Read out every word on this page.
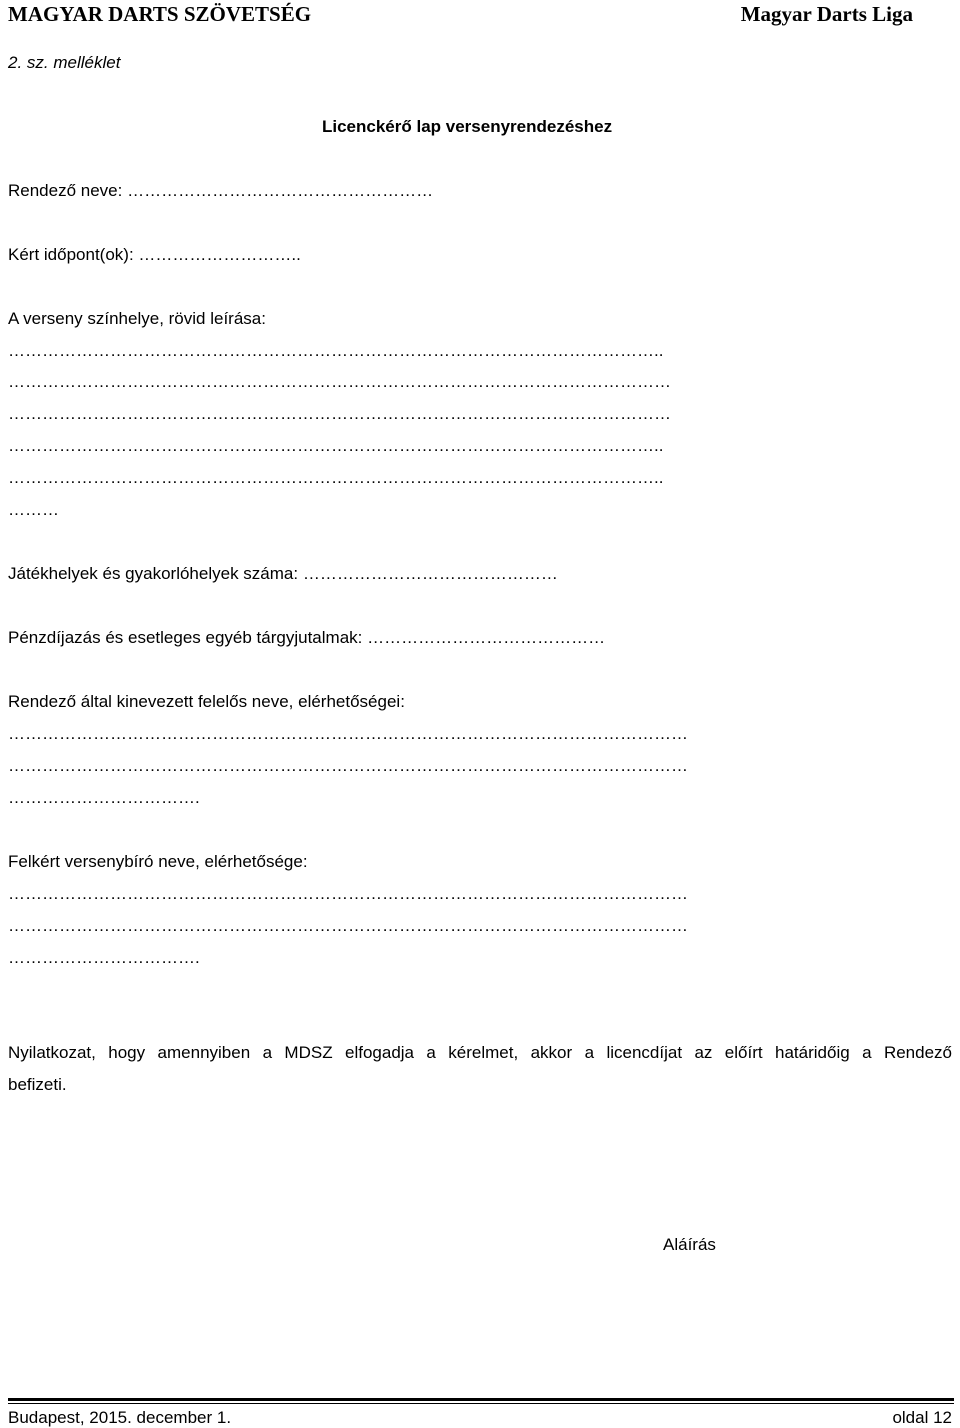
MAGYAR DARTS SZÖVETSÉG	Magyar Darts Liga
2. sz. melléklet
Licenckérő lap versenyrendezéshez
Rendező neve: ………………………………………………
Kért időpont(ok): ………………………..
A verseny színhelye, rövid leírása:
……………………………………………………………………………………………………..
………………………………………………………………………………………………………
………………………………………………………………………………………………………
……………………………………………………………………………………………………..
……………………………………………………………………………………………………..
………
Játékhelyek és gyakorlóhelyek száma: ………………………………………
Pénzdíjazás és esetleges egyéb tárgyjutalmak: ……………………………………
Rendező által kinevezett felelős neve, elérhetőségei:
…………………………………………………………………………………………………………
…………………………………………………………………………………………………………
…………………………….
Felkért versenybíró neve, elérhetősége:
…………………………………………………………………………………………………………
…………………………………………………………………………………………………………
…………………………….
Nyilatkozat, hogy amennyiben a MDSZ elfogadja a kérelmet, akkor a licencdíjat az előírt határidőig a Rendező
befizeti.
Aláírás
Budapest, 2015. december 1.	oldal 12
